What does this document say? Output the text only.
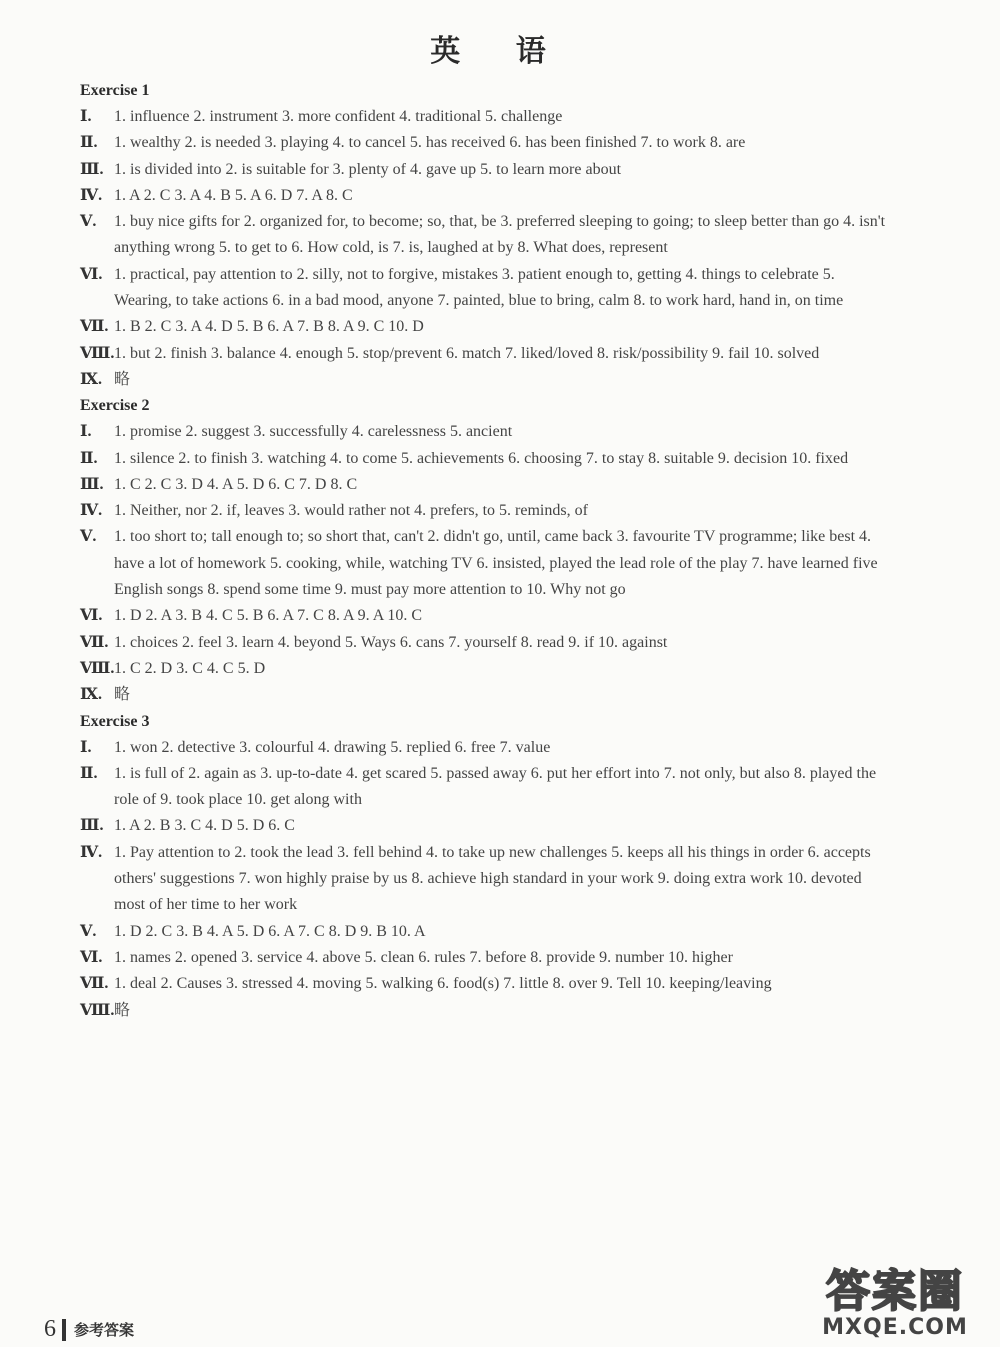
英 语
Exercise 1
Ⅰ.	1. influence 2. instrument 3. more confident 4. traditional 5. challenge
Ⅱ.	1. wealthy 2. is needed 3. playing 4. to cancel 5. has received 6. has been finished 7. to work 8. are
Ⅲ. 1. is divided into 2. is suitable for 3. plenty of 4. gave up 5. to learn more about
Ⅳ. 1. A 2. C 3. A 4. B 5. A 6. D 7. A 8. C
Ⅴ.	1. buy nice gifts for 2. organized for, to become; so, that, be 3. preferred sleeping to going; to sleep better than go 4. isn't anything wrong 5. to get to 6. How cold, is 7. is, laughed at by 8. What does, represent
Ⅵ. 1. practical, pay attention to 2. silly, not to forgive, mistakes 3. patient enough to, getting 4. things to celebrate 5. Wearing, to take actions 6. in a bad mood, anyone 7. painted, blue to bring, calm 8. to work hard, hand in, on time
Ⅶ. 1. B 2. C 3. A 4. D 5. B 6. A 7. B 8. A 9. C 10. D
Ⅷ. 1. but 2. finish 3. balance 4. enough 5. stop/prevent 6. match 7. liked/loved 8. risk/possibility 9. fail 10. solved
Ⅸ. 略
Exercise 2
Ⅰ.	1. promise 2. suggest 3. successfully 4. carelessness 5. ancient
Ⅱ.	1. silence 2. to finish 3. watching 4. to come 5. achievements 6. choosing 7. to stay 8. suitable 9. decision 10. fixed
Ⅲ. 1. C 2. C 3. D 4. A 5. D 6. C 7. D 8. C
Ⅳ. 1. Neither, nor 2. if, leaves 3. would rather not 4. prefers, to 5. reminds, of
Ⅴ.	1. too short to; tall enough to; so short that, can't 2. didn't go, until, came back 3. favourite TV programme; like best 4. have a lot of homework 5. cooking, while, watching TV 6. insisted, played the lead role of the play 7. have learned five English songs 8. spend some time 9. must pay more attention to 10. Why not go
Ⅵ. 1. D 2. A 3. B 4. C 5. B 6. A 7. C 8. A 9. A 10. C
Ⅶ. 1. choices 2. feel 3. learn 4. beyond 5. Ways 6. cans 7. yourself 8. read 9. if 10. against
Ⅷ. 1. C 2. D 3. C 4. C 5. D
Ⅸ. 略
Exercise 3
Ⅰ.	1. won 2. detective 3. colourful 4. drawing 5. replied 6. free 7. value
Ⅱ.	1. is full of 2. again as 3. up-to-date 4. get scared 5. passed away 6. put her effort into 7. not only, but also 8. played the role of 9. took place 10. get along with
Ⅲ. 1. A 2. B 3. C 4. D 5. D 6. C
Ⅳ. 1. Pay attention to 2. took the lead 3. fell behind 4. to take up new challenges 5. keeps all his things in order 6. accepts others' suggestions 7. won highly praise by us 8. achieve high standard in your work 9. doing extra work 10. devoted most of her time to her work
Ⅴ.	1. D 2. C 3. B 4. A 5. D 6. A 7. C 8. D 9. B 10. A
Ⅵ. 1. names 2. opened 3. service 4. above 5. clean 6. rules 7. before 8. provide 9. number 10. higher
Ⅶ. 1. deal 2. Causes 3. stressed 4. moving 5. walking 6. food(s) 7. little 8. over 9. Tell 10. keeping/leaving
Ⅷ. 略
6 参考答案
答案圈
MXQE.COM
